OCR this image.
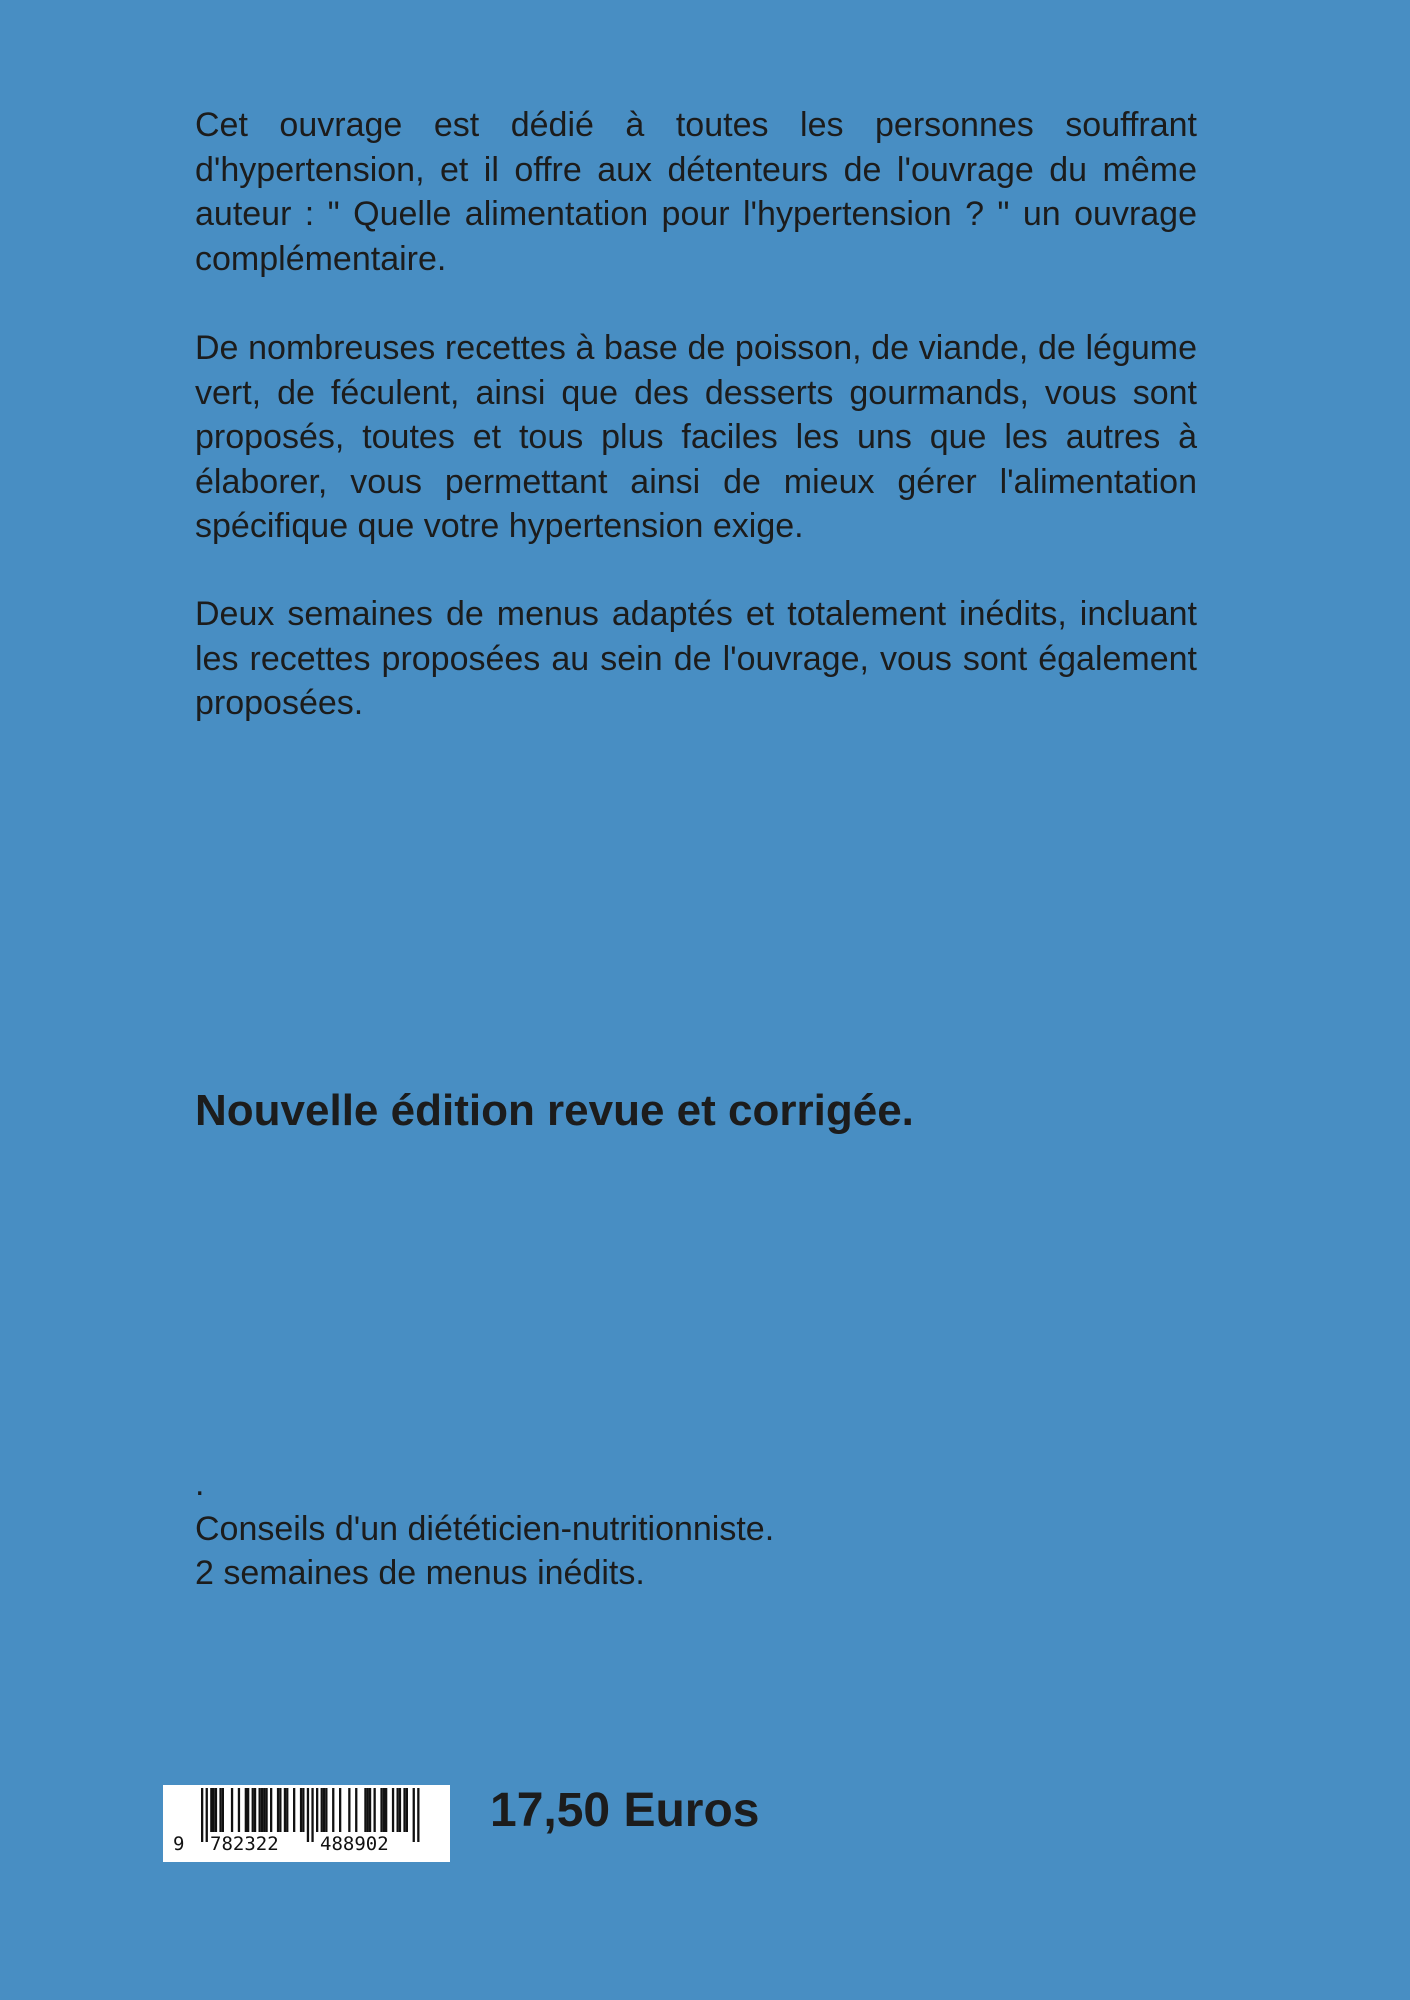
Cet ouvrage est dédié à toutes les personnes souffrant d'hypertension, et il offre aux détenteurs de l'ouvrage du même auteur : " Quelle alimentation pour l'hypertension ? " un ouvrage complémentaire.

De nombreuses recettes à base de poisson, de viande, de légume vert, de féculent, ainsi que des desserts gourmands, vous sont proposés, toutes et tous plus faciles les uns que les autres à élaborer, vous permettant ainsi de mieux gérer l'alimentation spécifique que votre hypertension exige.

Deux semaines de menus adaptés et totalement inédits, incluant les recettes proposées au sein de l'ouvrage, vous sont également proposées.

Nouvelle édition revue et corrigée.

.
Conseils d'un diététicien-nutritionniste.
2 semaines de menus inédits.
9 782322 488902

17,50 Euros
